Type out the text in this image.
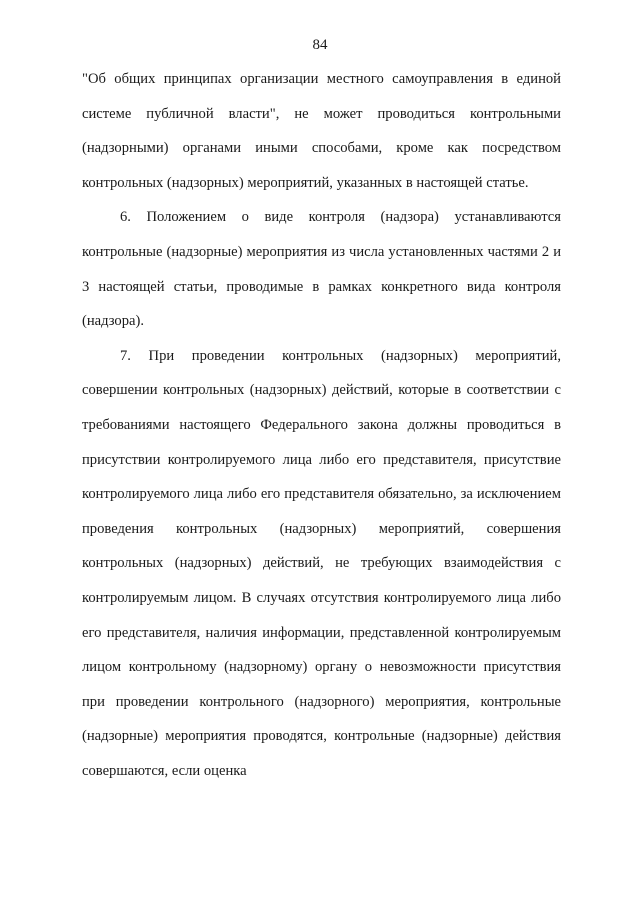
84

"Об общих принципах организации местного самоуправления в единой системе публичной власти", не может проводиться контрольными (надзорными) органами иными способами, кроме как посредством контрольных (надзорных) мероприятий, указанных в настоящей статье.

6. Положением о виде контроля (надзора) устанавливаются контрольные (надзорные) мероприятия из числа установленных частями 2 и 3 настоящей статьи, проводимые в рамках конкретного вида контроля (надзора).

7. При проведении контрольных (надзорных) мероприятий, совершении контрольных (надзорных) действий, которые в соответствии с требованиями настоящего Федерального закона должны проводиться в присутствии контролируемого лица либо его представителя, присутствие контролируемого лица либо его представителя обязательно, за исключением проведения контрольных (надзорных) мероприятий, совершения контрольных (надзорных) действий, не требующих взаимодействия с контролируемым лицом. В случаях отсутствия контролируемого лица либо его представителя, наличия информации, представленной контролируемым лицом контрольному (надзорному) органу о невозможности присутствия при проведении контрольного (надзорного) мероприятия, контрольные (надзорные) мероприятия проводятся, контрольные (надзорные) действия совершаются, если оценка
